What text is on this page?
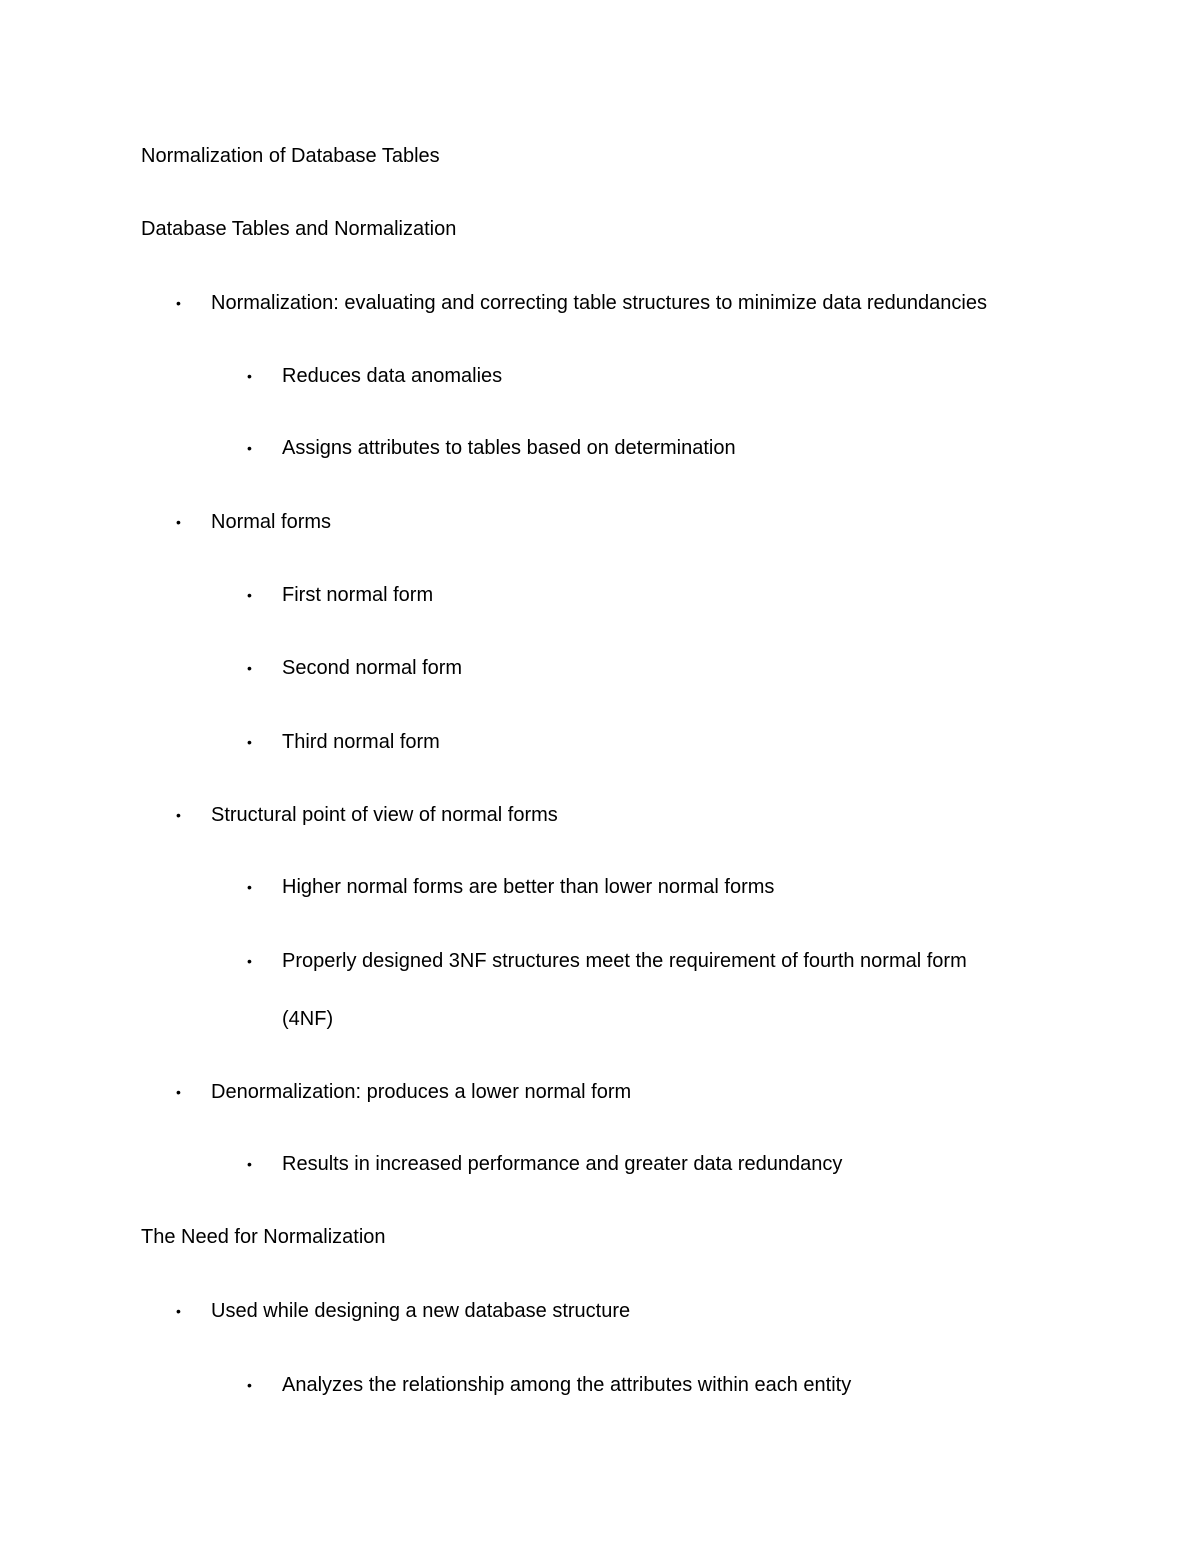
Normalization of Database Tables
Database Tables and Normalization
• Normalization: evaluating and correcting table structures to minimize data redundancies
• Reduces data anomalies
• Assigns attributes to tables based on determination
• Normal forms
• First normal form
• Second normal form
• Third normal form
• Structural point of view of normal forms
• Higher normal forms are better than lower normal forms
• Properly designed 3NF structures meet the requirement of fourth normal form
(4NF)
• Denormalization: produces a lower normal form
• Results in increased performance and greater data redundancy
The Need for Normalization
• Used while designing a new database structure
• Analyzes the relationship among the attributes within each entity
